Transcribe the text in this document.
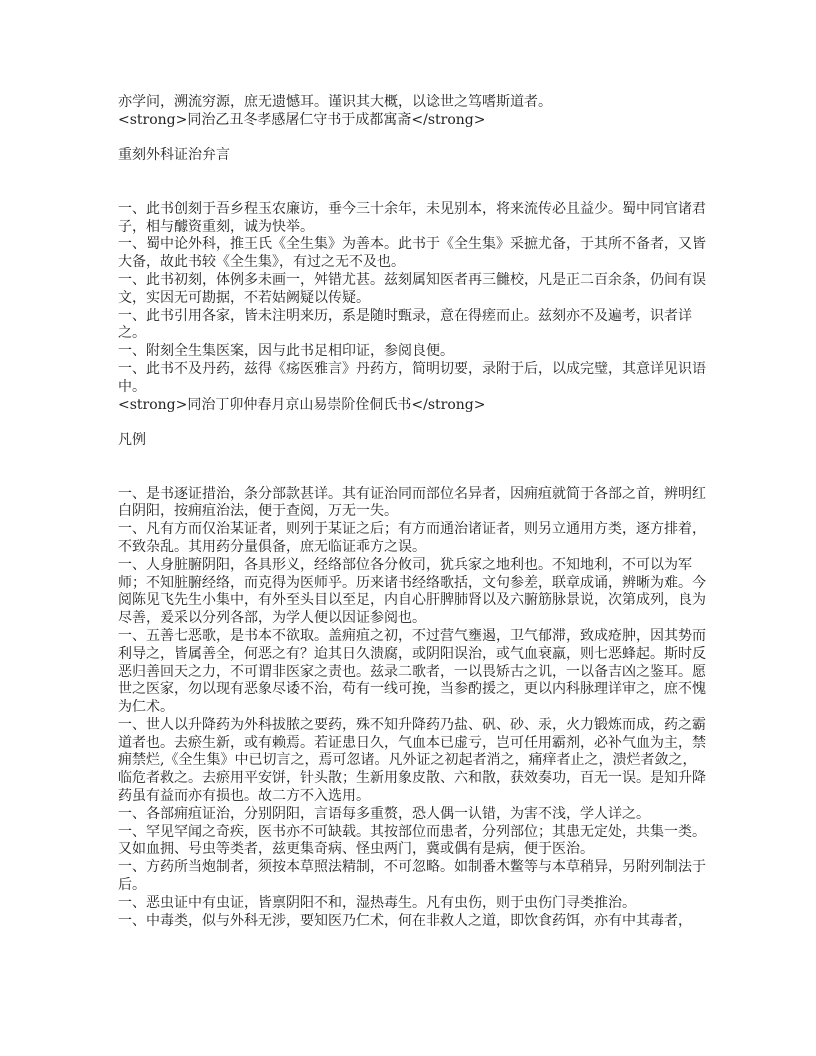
亦学问，溯流穷源，庶无遗憾耳。谨识其大概，以谂世之笃嗜斯道者。

<strong>同治乙丑冬孝感屠仁守书于成都寓斋</strong>

重刻外科证治弁言

一、此书创刻于吾乡程玉农廉访，垂今三十余年，未见别本，将来流传必且益少。蜀中同官诸君子，相与醵资重刻，诚为快举。

一、蜀中论外科，推王氏《全生集》为善本。此书于《全生集》采摭尤备，于其所不备者，又皆大备，故此书较《全生集》，有过之无不及也。

一、此书初刻，体例多未画一，舛错尤甚。兹刻属知医者再三雠校，凡是正二百余条，仍间有误文，实因无可勘据，不若姑阙疑以传疑。

一、此书引用各家，皆未注明来历，系是随时甄录，意在得瘥而止。兹刻亦不及遍考，识者详之。

一、附刻全生集医案，因与此书足相印证，参阅良便。

一、此书不及丹药，兹得《疡医雅言》丹药方，简明切要，录附于后，以成完璧，其意详见识语中。

<strong>同治丁卯仲春月京山易崇阶佺侗氏书</strong>

凡例

一、是书逐证措治，条分部款甚详。其有证治同而部位名异者，因痈疽就简于各部之首，辨明红白阴阳，按痈疽治法，便于查阅，万无一失。

一、凡有方而仅治某证者，则列于某证之后；有方而通治诸证者，则另立通用方类，逐方排着，不致杂乱。其用药分量俱备，庶无临证乖方之误。

一、人身脏腑阴阳，各具形义，经络部位各分攸司，犹兵家之地利也。不知地利，不可以为军师；不知脏腑经络，而克得为医师乎。历来诸书经络歌括，文句参差，联章成诵，辨晰为难。今阅陈见飞先生小集中，有外至头目以至足，内自心肝脾肺肾以及六腑筋脉景说，次第成列，良为尽善，爰采以分列各部，为学人便以因证参阅也。

一、五善七恶歌，是书本不欲取。盖痈疽之初，不过营气壅遏，卫气郁滞，致成疮肿，因其势而利导之，皆属善全，何恶之有？迨其日久溃腐，或阴阳误治，或气血衰羸，则七恶蜂起。斯时反恶归善回天之力，不可谓非医家之责也。兹录二歌者，一以畏矫古之讥，一以备吉凶之鉴耳。愿世之医家，勿以现有恶象尽诿不治，苟有一线可挽，当参酌援之，更以内科脉理详审之，庶不愧为仁术。

一、世人以升降药为外科拔脓之要药，殊不知升降药乃盐、矾、砂、汞，火力锻炼而成，药之霸道者也。去瘀生新，或有赖焉。若证患日久，气血本已虚亏，岂可任用霸剂，必补气血为主，禁痈禁烂,《全生集》中已切言之，焉可忽诸。凡外证之初起者消之，痛痒者止之，溃烂者敛之，临危者救之。去瘀用平安饼，针头散；生新用象皮散、六和散，获效奏功，百无一误。是知升降药虽有益而亦有损也。故二方不入选用。

一、各部痈疽证治，分别阴阳，言语每多重赘，恐人偶一认错，为害不浅，学人详之。

一、罕见罕闻之奇疾，医书亦不可缺载。其按部位而患者，分列部位；其患无定处，共集一类。又如血拥、号虫等类者，兹更集奇病、怪虫两门，冀或偶有是病，便于医治。

一、方药所当炮制者，须按本草照法精制，不可忽略。如制番木鳖等与本草稍异，另附列制法于后。

一、恶虫证中有虫证，皆禀阴阳不和，湿热毒生。凡有虫伤，则于虫伤门寻类推治。

一、中毒类，似与外科无涉，要知医乃仁术，何在非救人之道，即饮食药饵，亦有中其毒者，
